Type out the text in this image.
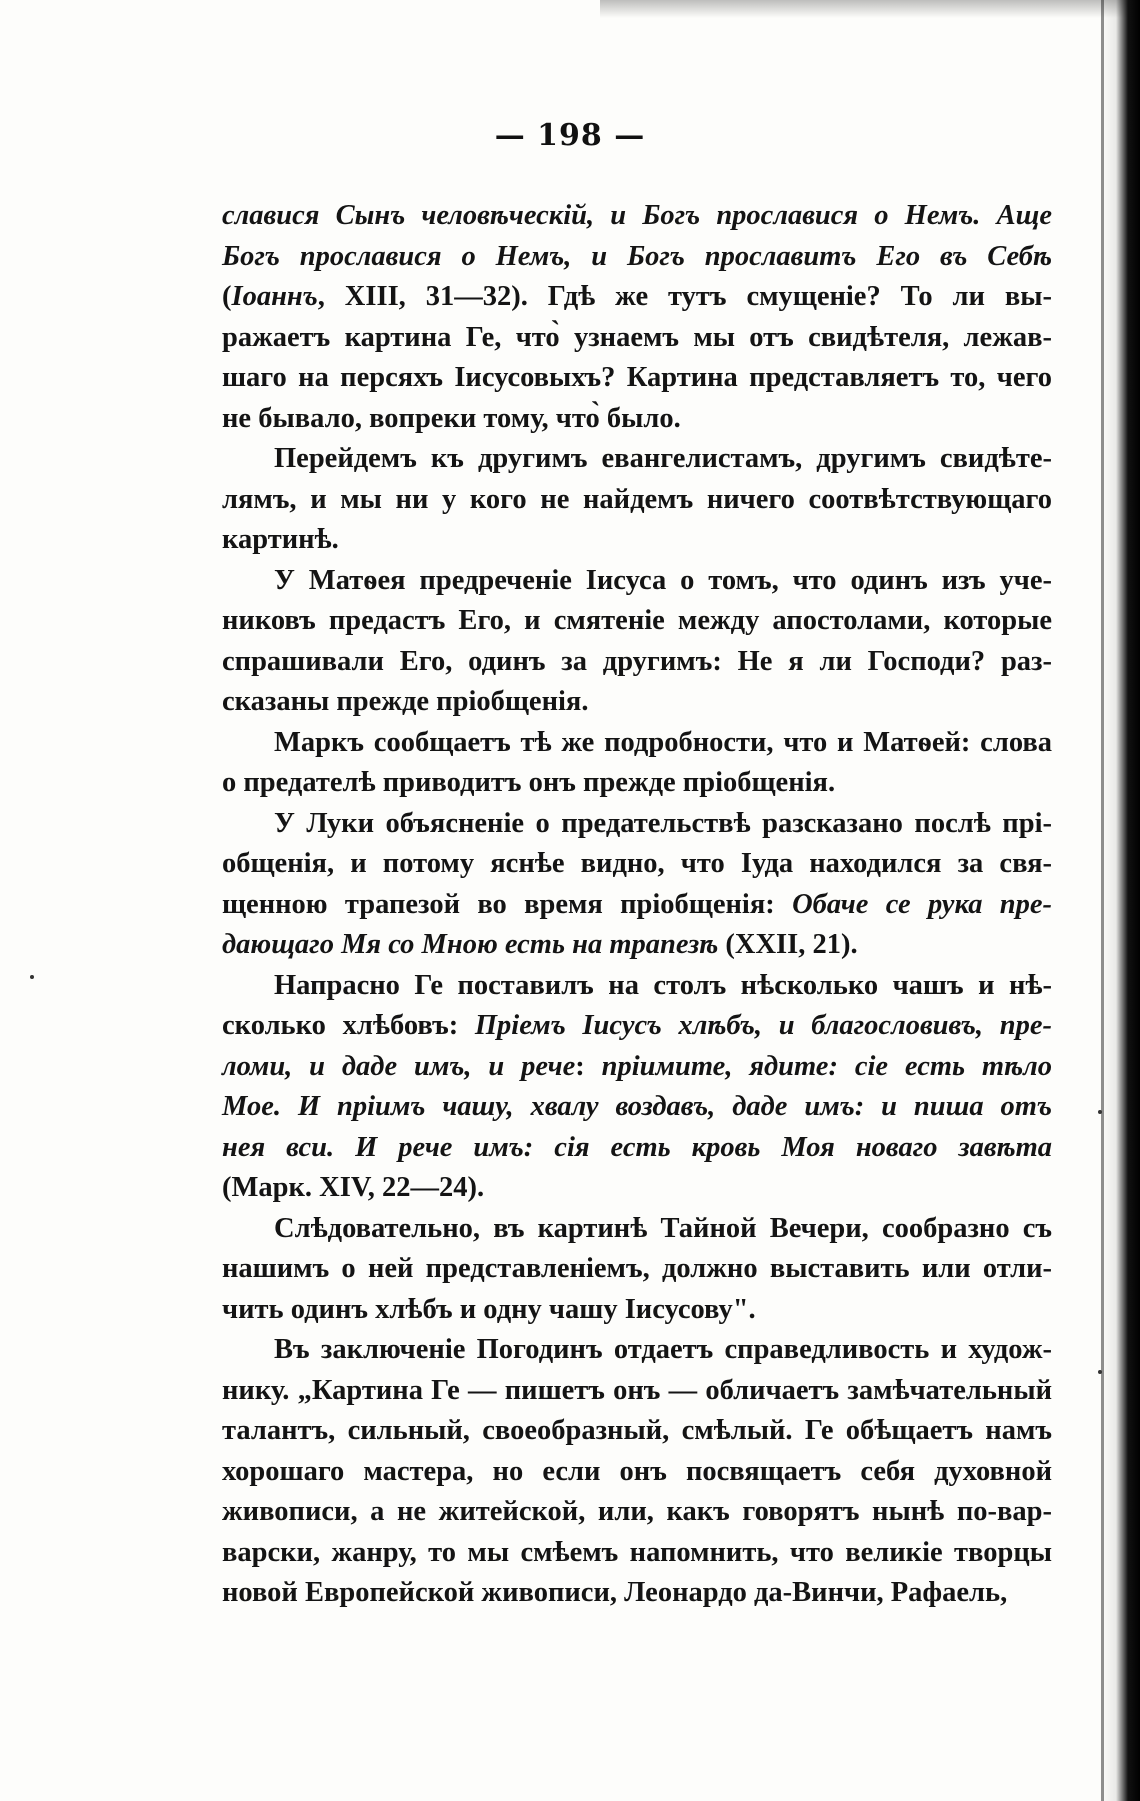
— 198 —

славися Сынъ человѣческій, и Богъ прославися о Немъ. Аще
Богъ прославися о Немъ, и Богъ прославитъ Его въ Себѣ
(Іоаннъ, XIII, 31—32). Гдѣ же тутъ смущеніе? То ли вы-
ражаетъ картина Ге, что̀ узнаемъ мы отъ свидѣтеля, лежав-
шаго на персяхъ Іисусовыхъ? Картина представляетъ то, чего
не бывало, вопреки тому, что̀ было.

Перейдемъ къ другимъ евангелистамъ, другимъ свидѣте-
лямъ, и мы ни у кого не найдемъ ничего соотвѣтствующаго
картинѣ.

У Матѳея предреченіе Іисуса о томъ, что одинъ изъ уче-
никовъ предастъ Его, и смятеніе между апостолами, которые
спрашивали Его, одинъ за другимъ: Не я ли Господи? раз-
сказаны прежде пріобщенія.

Маркъ сообщаетъ тѣ же подробности, что и Матѳей: слова
о предателѣ приводитъ онъ прежде пріобщенія.

У Луки объясненіе о предательствѣ разсказано послѣ прі-
общенія, и потому яснѣе видно, что Іуда находился за свя-
щенною трапезой во время пріобщенія: Обаче се рука пре-
дающаго Мя со Мною есть на трапезѣ (XXII, 21).

Напрасно Ге поставилъ на столъ нѣсколько чашъ и нѣ-
сколько хлѣбовъ: Пріемъ Іисусъ хлѣбъ, и благословивъ, пре-
ломи, и даде имъ, и рече: пріимите, ядите: сіе есть тѣло
Мое. И пріимъ чашу, хвалу воздавъ, даде имъ: и пиша отъ
нея вси. И рече имъ: сія есть кровь Моя новаго завѣта
(Марк. XIV, 22—24).

Слѣдовательно, въ картинѣ Тайной Вечери, сообразно съ
нашимъ о ней представленіемъ, должно выставить или отли-
чить одинъ хлѣбъ и одну чашу Іисусову".

Въ заключеніе Погодинъ отдаетъ справедливость и худож-
нику. „Картина Ге — пишетъ онъ — обличаетъ замѣчательный
талантъ, сильный, своеобразный, смѣлый. Ге обѣщаетъ намъ
хорошаго мастера, но если онъ посвящаетъ себя духовной
живописи, а не житейской, или, какъ говорятъ нынѣ по-вар-
варски, жанру, то мы смѣемъ напомнить, что великіе творцы
новой Европейской живописи, Леонардо да-Винчи, Рафаель,
